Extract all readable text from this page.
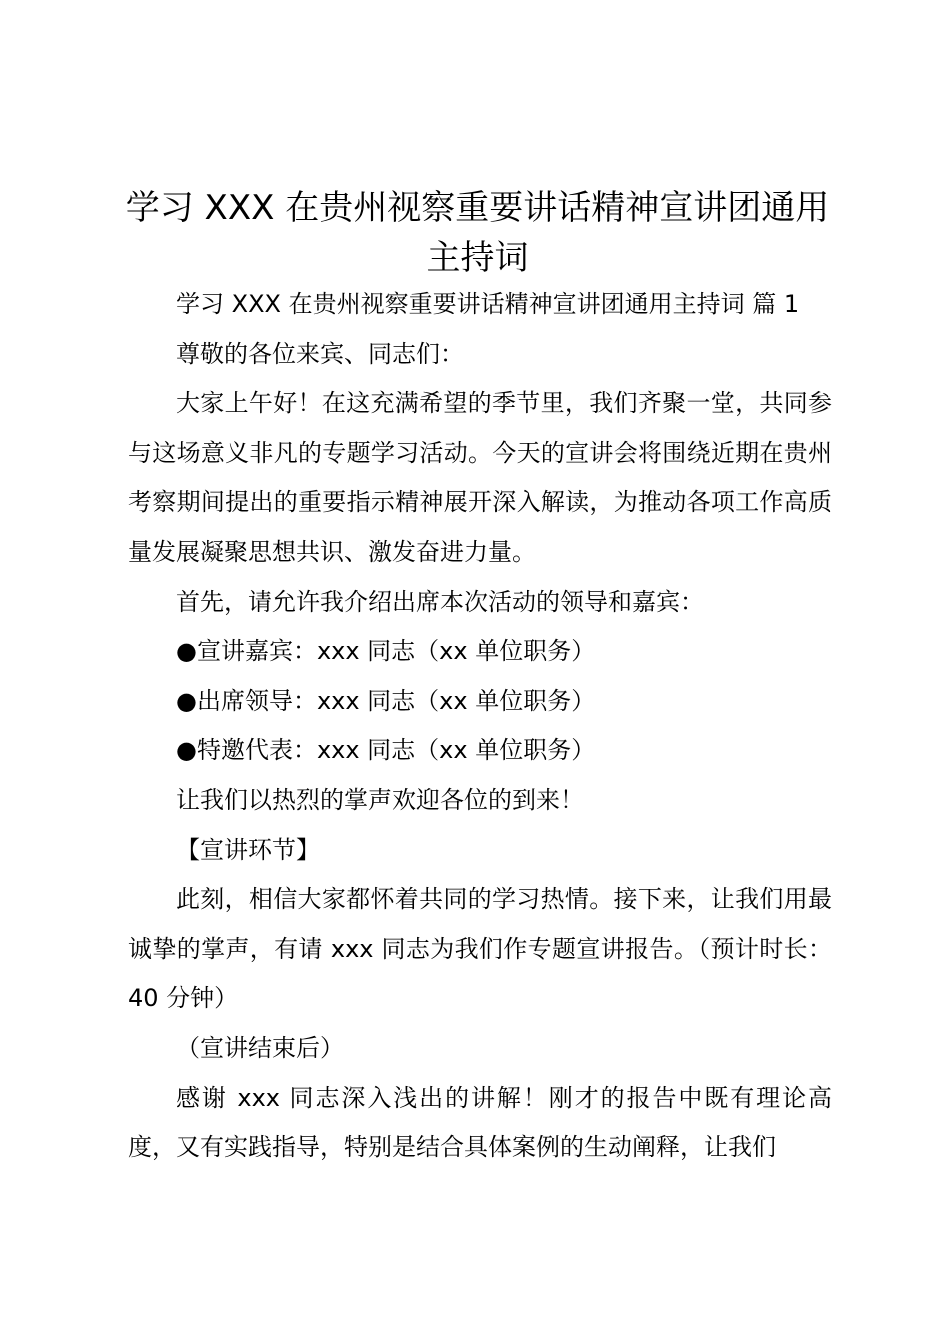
学习 XXX 在贵州视察重要讲话精神宣讲团通用主持词

学习 XXX 在贵州视察重要讲话精神宣讲团通用主持词 篇 1

尊敬的各位来宾、同志们：

大家上午好！在这充满希望的季节里，我们齐聚一堂，共同参与这场意义非凡的专题学习活动。今天的宣讲会将围绕近期在贵州考察期间提出的重要指示精神展开深入解读，为推动各项工作高质量发展凝聚思想共识、激发奋进力量。

首先，请允许我介绍出席本次活动的领导和嘉宾：

●宣讲嘉宾：xxx 同志（xx 单位职务）

●出席领导：xxx 同志（xx 单位职务）

●特邀代表：xxx 同志（xx 单位职务）

让我们以热烈的掌声欢迎各位的到来！

【宣讲环节】

此刻，相信大家都怀着共同的学习热情。接下来，让我们用最诚挚的掌声，有请 xxx 同志为我们作专题宣讲报告。（预计时长：40 分钟）

（宣讲结束后）

感谢 xxx 同志深入浅出的讲解！刚才的报告中既有理论高度，又有实践指导，特别是结合具体案例的生动阐释，让我们
